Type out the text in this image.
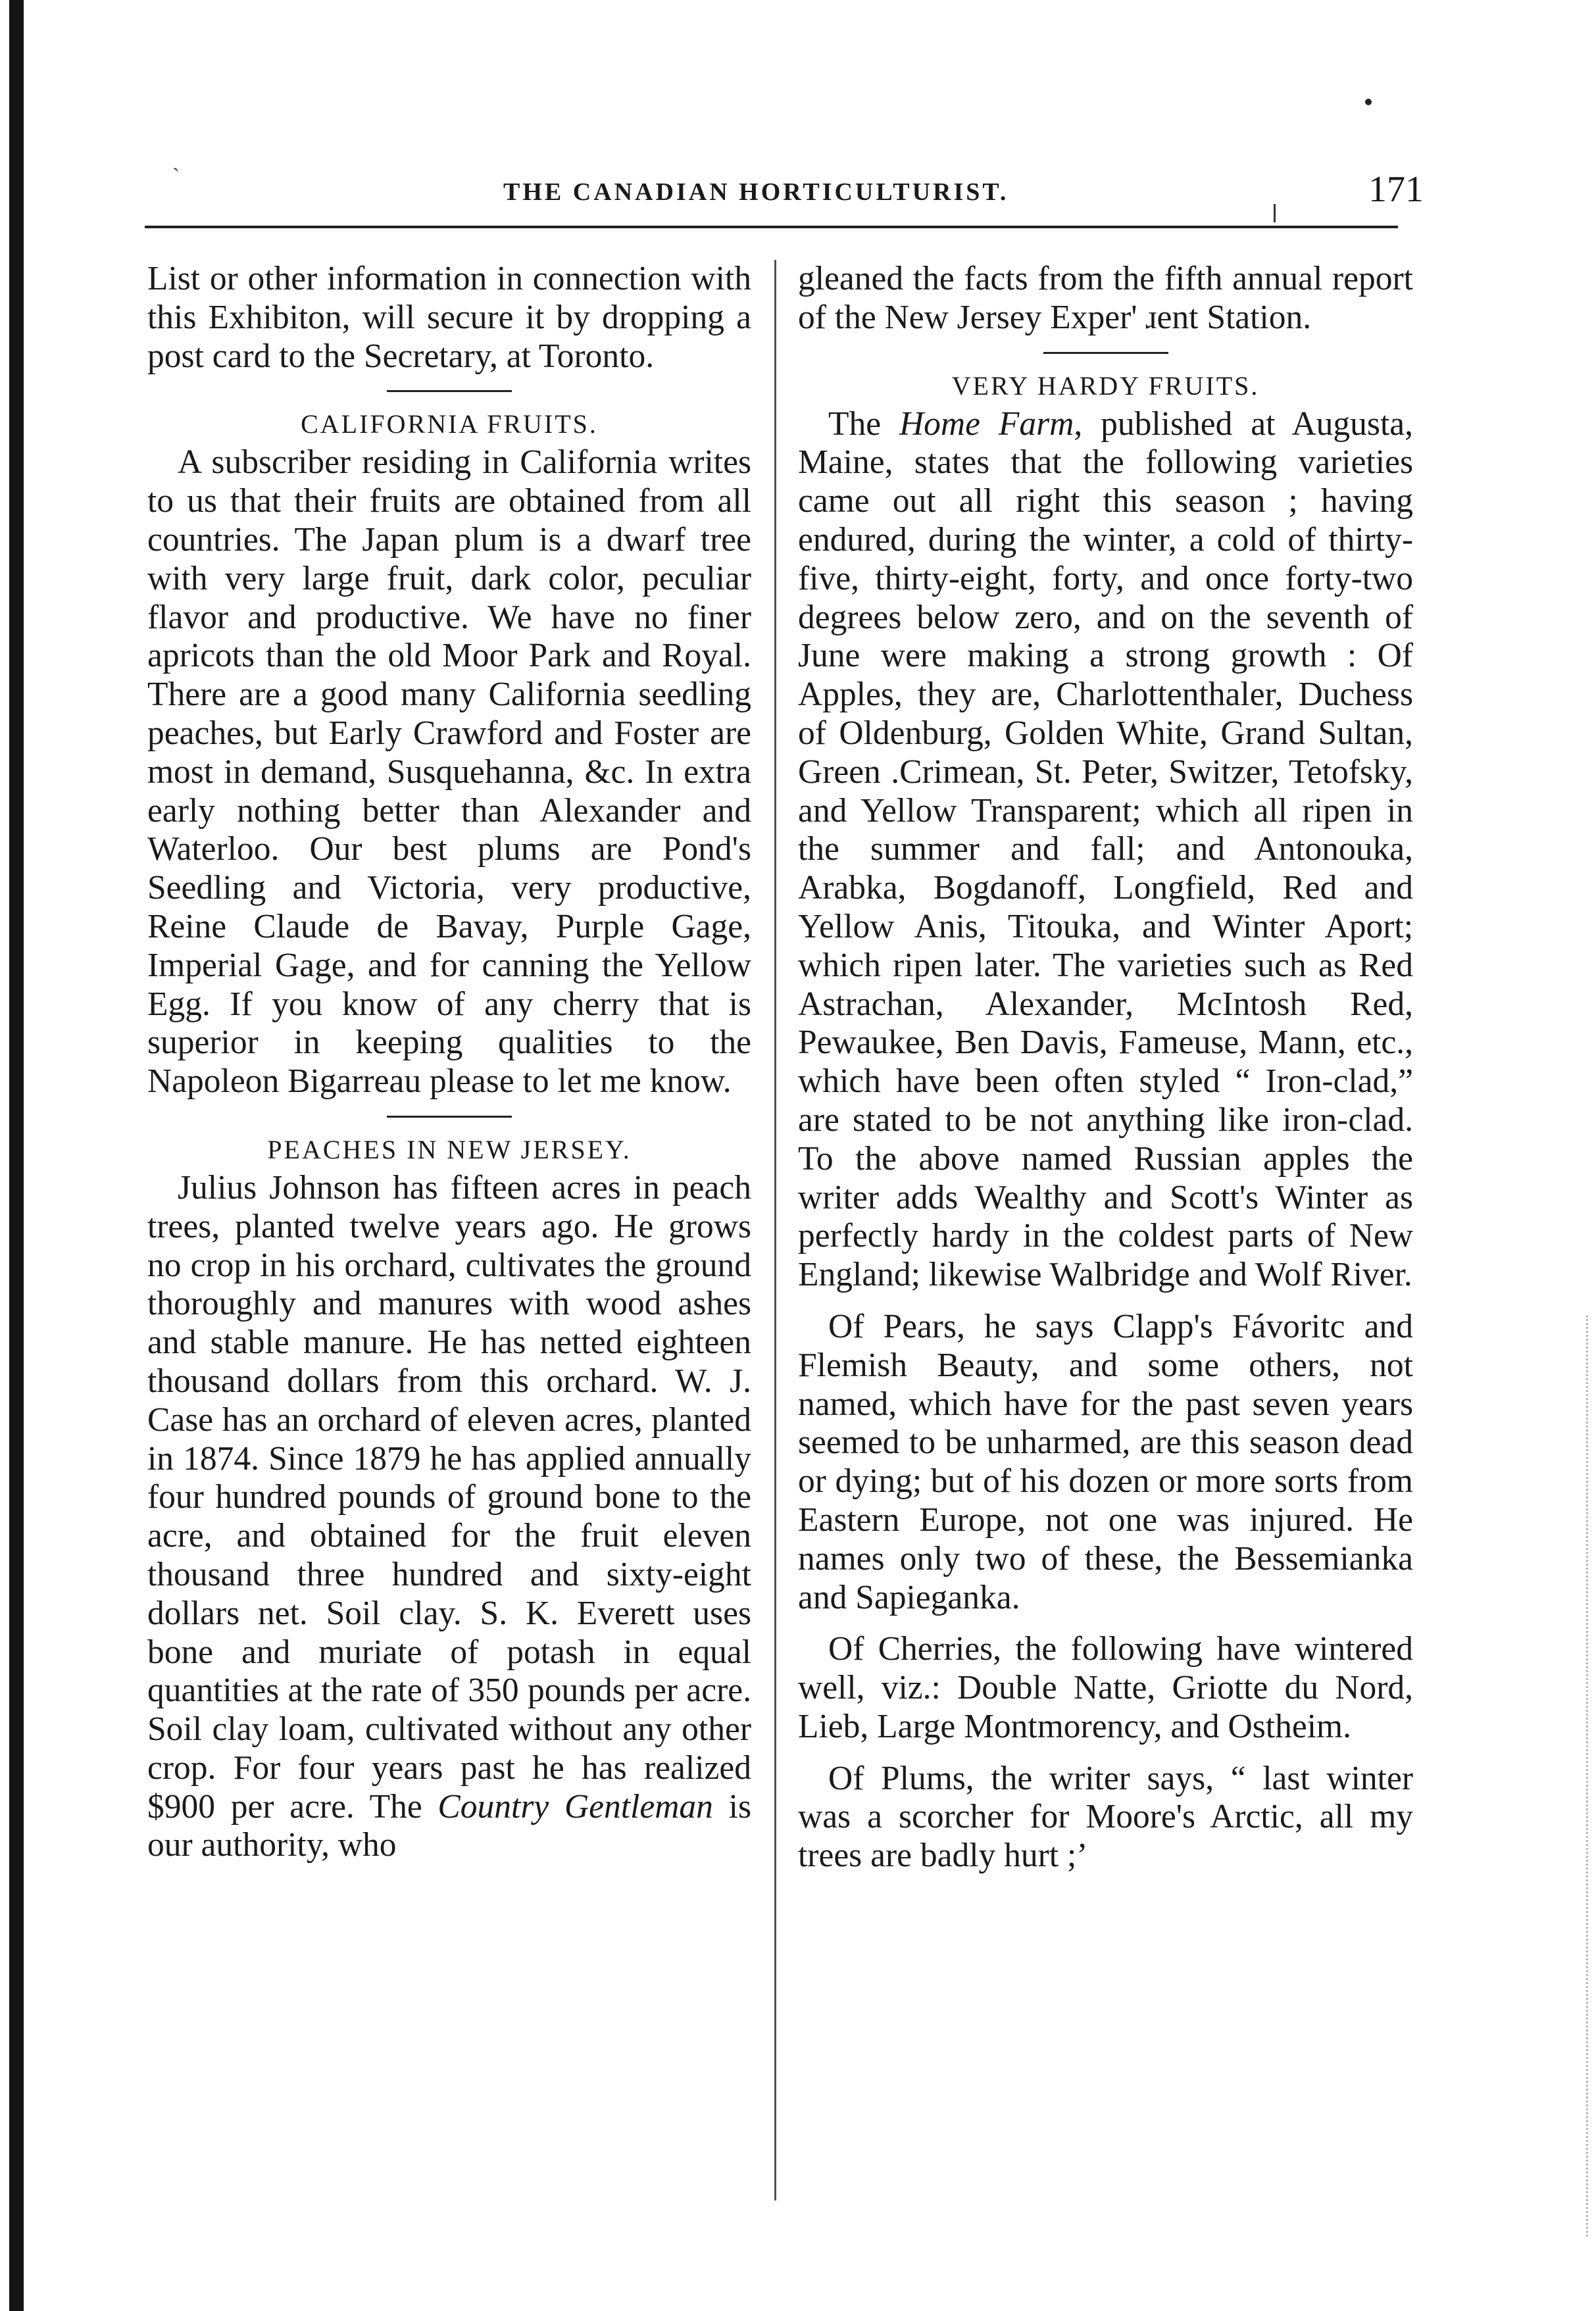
`
THE CANADIAN HORTICULTURIST.	171

List or other information in connection with this Exhibiton, will secure it by dropping a post card to the Secretary, at Toronto.

CALIFORNIA FRUITS.

A subscriber residing in California writes to us that their fruits are obtained from all countries. The Japan plum is a dwarf tree with very large fruit, dark color, peculiar flavor and productive. We have no finer apricots than the old Moor Park and Royal. There are a good many California seedling peaches, but Early Crawford and Foster are most in demand, Susquehanna, &c. In extra early nothing better than Alexander and Waterloo. Our best plums are Pond's Seedling and Victoria, very productive, Reine Claude de Bavay, Purple Gage, Imperial Gage, and for canning the Yellow Egg. If you know of any cherry that is superior in keeping qualities to the Napoleon Bigarreau please to let me know.

PEACHES IN NEW JERSEY.

Julius Johnson has fifteen acres in peach trees, planted twelve years ago. He grows no crop in his orchard, cultivates the ground thoroughly and manures with wood ashes and stable manure. He has netted eighteen thousand dollars from this orchard. W. J. Case has an orchard of eleven acres, planted in 1874. Since 1879 he has applied annually four hundred pounds of ground bone to the acre, and obtained for the fruit eleven thousand three hundred and sixty-eight dollars net. Soil clay. S. K. Everett uses bone and muriate of potash in equal quantities at the rate of 350 pounds per acre. Soil clay loam, cultivated without any other crop. For four years past he has realized $900 per acre. The Country Gentleman is our authority, who

gleaned the facts from the fifth annual report of the New Jersey Exper' ɹent Station.

VERY HARDY FRUITS.

The Home Farm, published at Augusta, Maine, states that the following varieties came out all right this season ; having endured, during the winter, a cold of thirty-five, thirty-eight, forty, and once forty-two degrees below zero, and on the seventh of June were making a strong growth : Of Apples, they are, Charlottenthaler, Duchess of Oldenburg, Golden White, Grand Sultan, Green .Crimean, St. Peter, Switzer, Tetofsky, and Yellow Transparent; which all ripen in the summer and fall; and Antonouka, Arabka, Bogdanoff, Longfield, Red and Yellow Anis, Titouka, and Winter Aport; which ripen later. The varieties such as Red Astrachan, Alexander, McIntosh Red, Pewaukee, Ben Davis, Fameuse, Mann, etc., which have been often styled “ Iron-clad,” are stated to be not anything like iron-clad. To the above named Russian apples the writer adds Wealthy and Scott's Winter as perfectly hardy in the coldest parts of New England; likewise Walbridge and Wolf River.

Of Pears, he says Clapp's Fávoritc and Flemish Beauty, and some others, not named, which have for the past seven years seemed to be unharmed, are this season dead or dying; but of his dozen or more sorts from Eastern Europe, not one was injured. He names only two of these, the Bessemianka and Sapieganka.

Of Cherries, the following have wintered well, viz.: Double Natte, Griotte du Nord, Lieb, Large Montmorency, and Ostheim.

Of Plums, the writer says, “ last winter was a scorcher for Moore's Arctic, all my trees are badly hurt ;’
